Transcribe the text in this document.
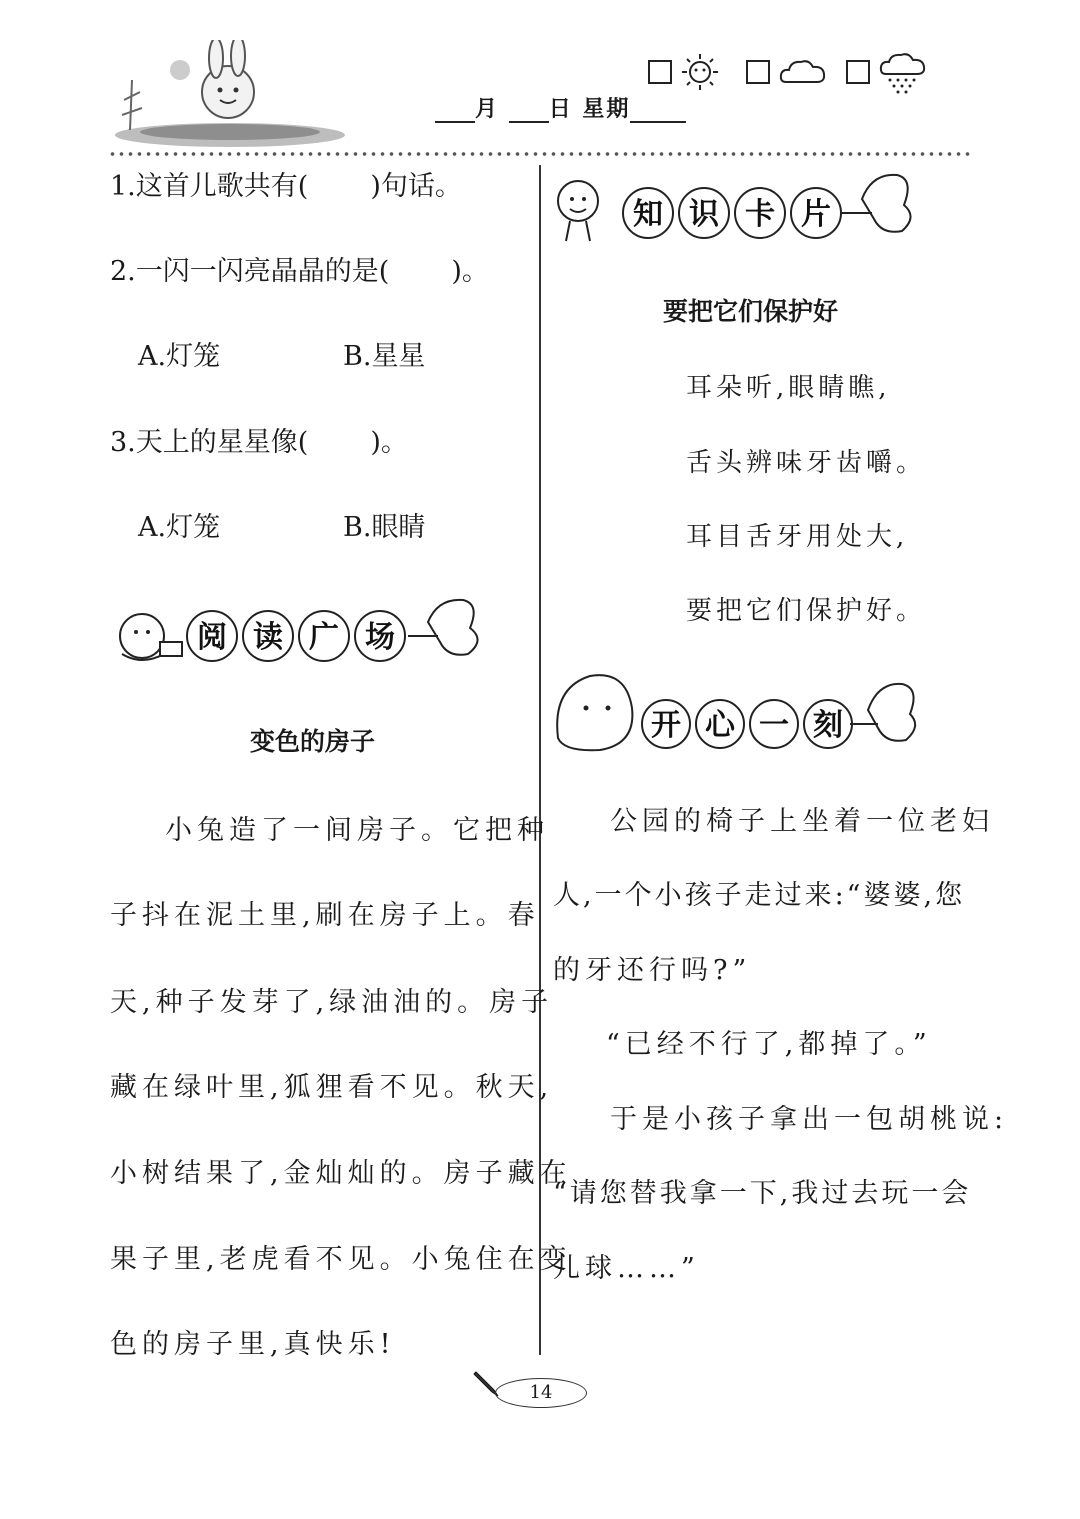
月 日 星期
1.这首儿歌共有( )句话。
2.一闪一闪亮晶晶的是( )。
A.灯笼	B.星星
3.天上的星星像( )。
A.灯笼	B.眼睛
阅 读 广 场
变色的房子
小兔造了一间房子。它把种
子抖在泥土里,刷在房子上。春
天,种子发芽了,绿油油的。房子
藏在绿叶里,狐狸看不见。秋天,
小树结果了,金灿灿的。房子藏在
果子里,老虎看不见。小兔住在变
色的房子里,真快乐!
知 识 卡 片
要把它们保护好
耳朵听,眼睛瞧,
舌头辨味牙齿嚼。
耳目舌牙用处大,
要把它们保护好。
开 心 一 刻
公园的椅子上坐着一位老妇
人,一个小孩子走过来:“婆婆,您
的牙还行吗?”
“已经不行了,都掉了。”
于是小孩子拿出一包胡桃说:
“请您替我拿一下,我过去玩一会
儿球……”
14
